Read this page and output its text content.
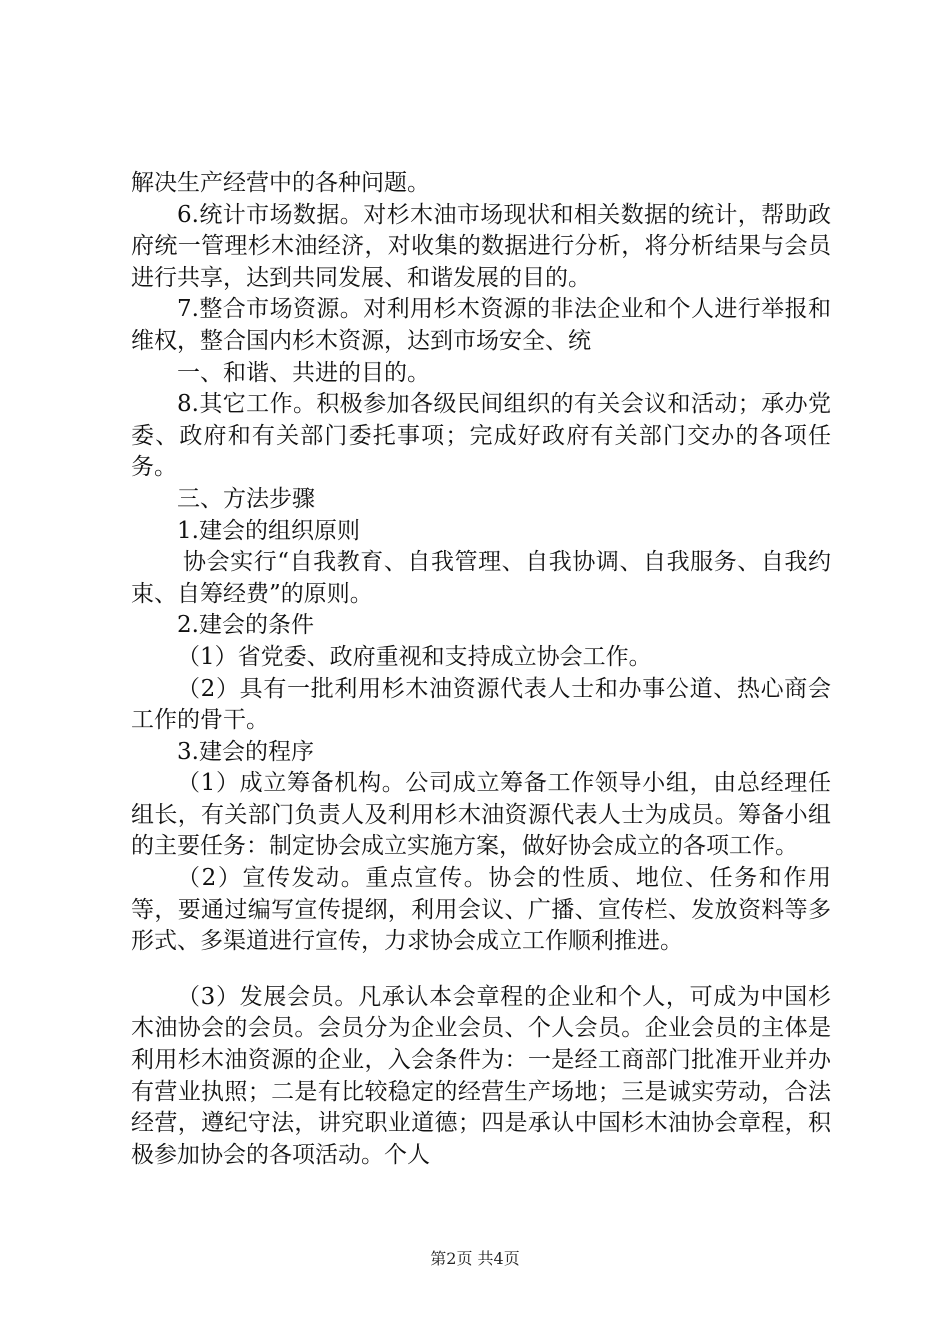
解决生产经营中的各种问题。

6.统计市场数据。对杉木油市场现状和相关数据的统计，帮助政府统一管理杉木油经济，对收集的数据进行分析，将分析结果与会员进行共享，达到共同发展、和谐发展的目的。

7.整合市场资源。对利用杉木资源的非法企业和个人进行举报和维权，整合国内杉木资源，达到市场安全、统

一、和谐、共进的目的。

8.其它工作。积极参加各级民间组织的有关会议和活动；承办党委、政府和有关部门委托事项；完成好政府有关部门交办的各项任务。

三、方法步骤

1.建会的组织原则

协会实行“自我教育、自我管理、自我协调、自我服务、自我约束、自筹经费”的原则。

2.建会的条件

（1）省党委、政府重视和支持成立协会工作。

（2）具有一批利用杉木油资源代表人士和办事公道、热心商会工作的骨干。

3.建会的程序

（1）成立筹备机构。公司成立筹备工作领导小组，由总经理任组长，有关部门负责人及利用杉木油资源代表人士为成员。筹备小组的主要任务：制定协会成立实施方案，做好协会成立的各项工作。

（2）宣传发动。重点宣传。协会的性质、地位、任务和作用等，要通过编写宣传提纲，利用会议、广播、宣传栏、发放资料等多形式、多渠道进行宣传，力求协会成立工作顺利推进。

（3）发展会员。凡承认本会章程的企业和个人，可成为中国杉木油协会的会员。会员分为企业会员、个人会员。企业会员的主体是利用杉木油资源的企业，入会条件为：一是经工商部门批准开业并办有营业执照；二是有比较稳定的经营生产场地；三是诚实劳动，合法经营，遵纪守法，讲究职业道德；四是承认中国杉木油协会章程，积极参加协会的各项活动。个人

第2页 共4页
